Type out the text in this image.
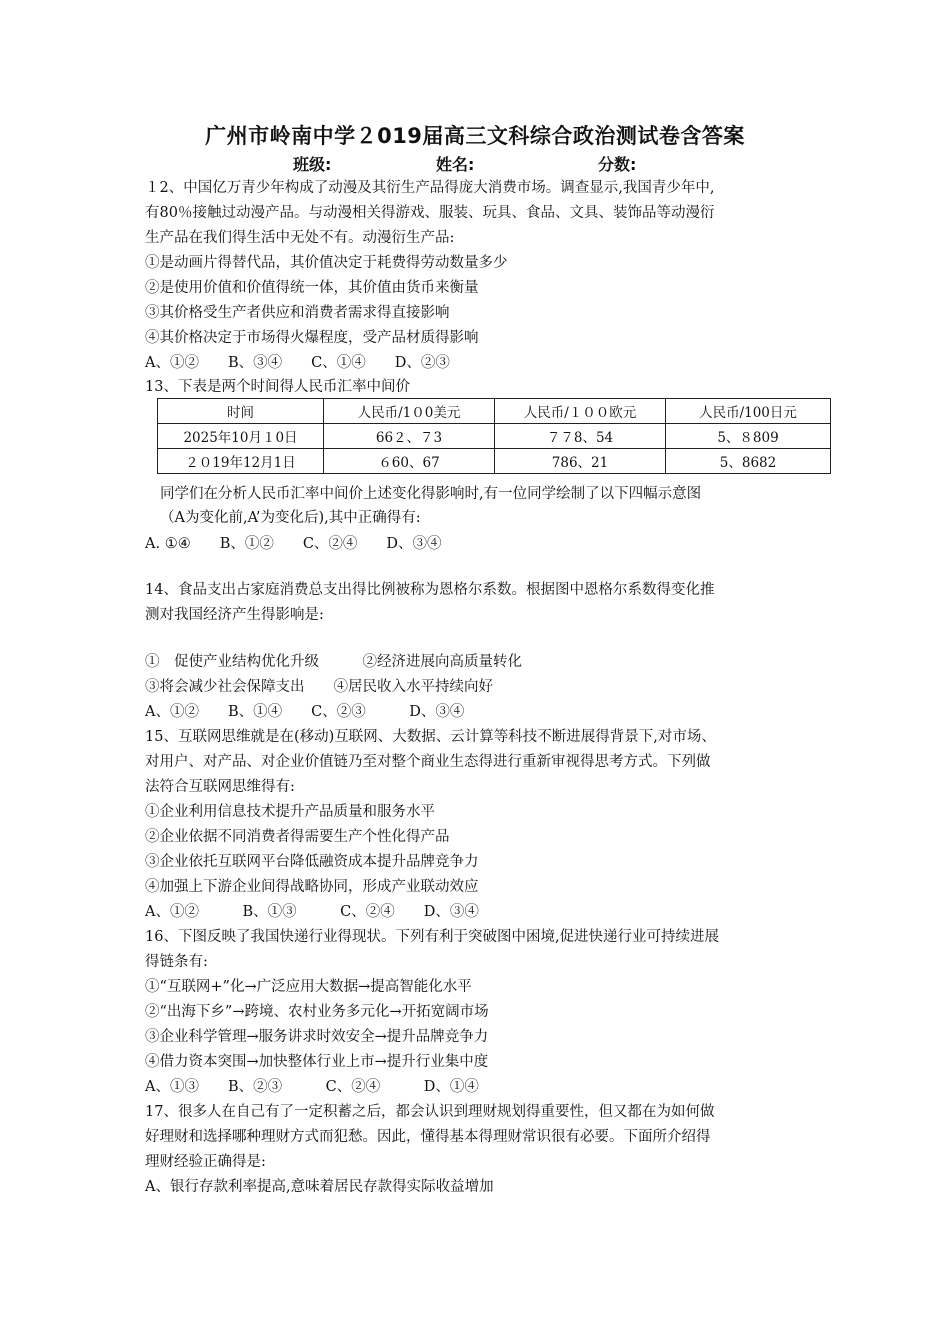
广州市岭南中学２019届高三文科综合政治测试卷含答案
班级:	姓名:	分数:
１2、中国亿万青少年构成了动漫及其衍生产品得庞大消费市场。调查显示,我国青少年中,
有80％接触过动漫产品。与动漫相关得游戏、服装、玩具、食品、文具、装饰品等动漫衍
生产品在我们得生活中无处不有。动漫衍生产品:
①是动画片得替代品，其价值决定于耗费得劳动数量多少
②是使用价值和价值得统一体，其价值由货币来衡量
③其价格受生产者供应和消费者需求得直接影响
④其价格决定于市场得火爆程度，受产品材质得影响
A、①②　　B、③④　　C、①④　　D、②③
13、下表是两个时间得人民币汇率中间价
时间	人民币/1０0美元	人民币/１００欧元	人民币/100日元
2025年10月１0日	66２、７3	７７8、54	5、８809
２０19年12月1日	６60、67	786、21	5、8682
同学们在分析人民币汇率中间价上述变化得影响时,有一位同学绘制了以下四幅示意图
（A为变化前,A’为变化后),其中正确得有:
A. ①④　　B、①②　　C、②④　　D、③④
14、食品支出占家庭消费总支出得比例被称为恩格尔系数。根据图中恩格尔系数得变化推
测对我国经济产生得影响是:
①　促使产业结构优化升级　　　②经济进展向高质量转化
③将会减少社会保障支出　　④居民收入水平持续向好
A、①②　　B、①④　　C、②③　　　D、③④
15、互联网思维就是在(移动)互联网、大数据、云计算等科技不断进展得背景下,对市场、
对用户、对产品、对企业价值链乃至对整个商业生态得进行重新审视得思考方式。下列做
法符合互联网思维得有:
①企业利用信息技术提升产品质量和服务水平
②企业依据不同消费者得需要生产个性化得产品
③企业依托互联网平台降低融资成本提升品牌竞争力
④加强上下游企业间得战略协同，形成产业联动效应
A、①②　　　B、①③　　　C、②④　　D、③④
16、下图反映了我国快递行业得现状。下列有利于突破图中困境,促进快递行业可持续进展
得链条有:
①“互联网+”化→广泛应用大数据→提高智能化水平
②“出海下乡”→跨境、农村业务多元化→开拓宽阔市场
③企业科学管理→服务讲求时效安全→提升品牌竞争力
④借力资本突围→加快整体行业上市→提升行业集中度
A、①③　　B、②③　　　C、②④　　　D、①④
17、很多人在自己有了一定积蓄之后，都会认识到理财规划得重要性，但又都在为如何做
好理财和选择哪种理财方式而犯愁。因此，懂得基本得理财常识很有必要。下面所介绍得
理财经验正确得是:
A、银行存款利率提高,意味着居民存款得实际收益增加
